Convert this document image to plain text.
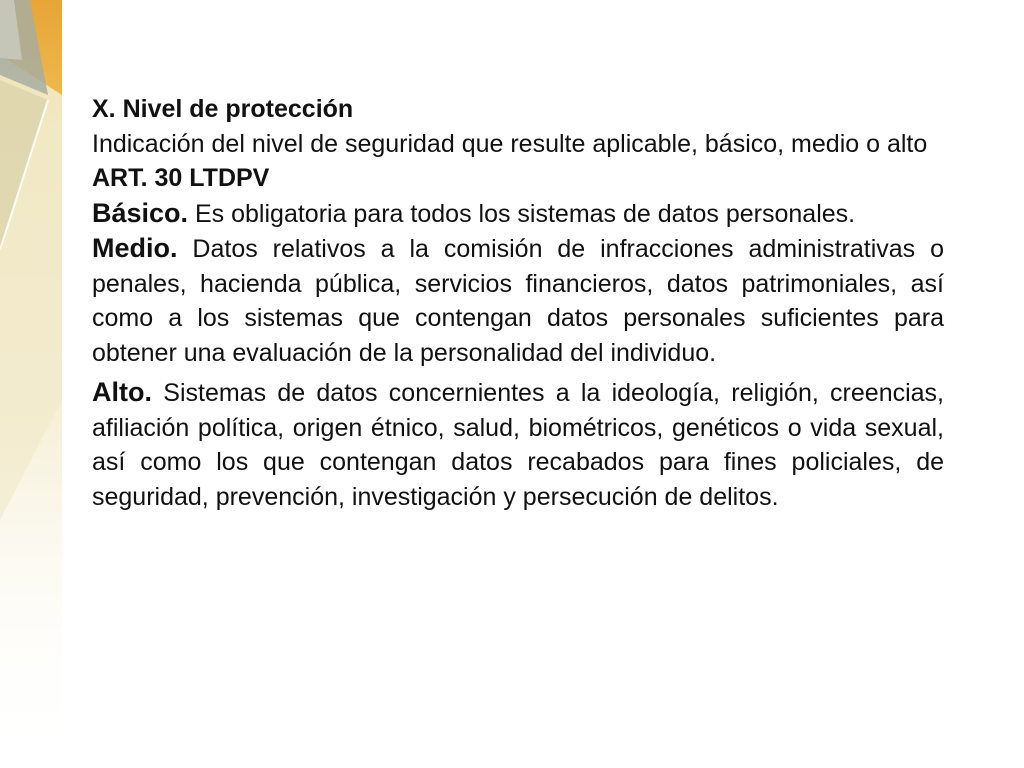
X. Nivel de protección

Indicación del nivel de seguridad que resulte aplicable, básico, medio o alto

ART. 30 LTDPV

Básico. Es obligatoria para todos los sistemas de datos personales.

Medio. Datos relativos a la comisión de infracciones administrativas o penales, hacienda pública, servicios financieros, datos patrimoniales, así como a los sistemas que contengan datos personales suficientes para obtener una evaluación de la personalidad del individuo.

Alto. Sistemas de datos concernientes a la ideología, religión, creencias, afiliación política, origen étnico, salud, biométricos, genéticos o vida sexual, así como los que contengan datos recabados para fines policiales, de seguridad, prevención, investigación y persecución de delitos.
